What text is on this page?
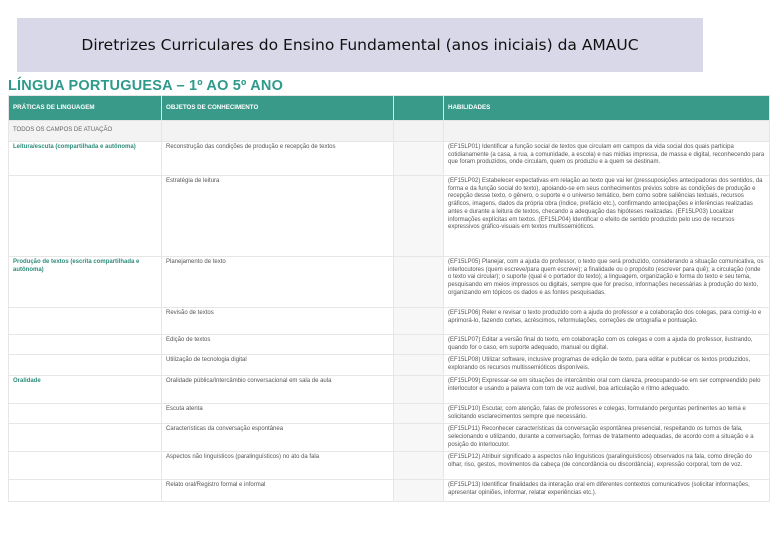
Diretrizes Curriculares do Ensino Fundamental (anos iniciais) da AMAUC
LÍNGUA PORTUGUESA – 1º AO 5º ANO
PRÁTICAS DE LINGUAGEM	OBJETOS DE CONHECIMENTO		HABILIDADES
TODOS OS CAMPOS DE ATUAÇÃO			
Leitura/escuta (compartilhada e autônoma)	Reconstrução das condições de produção e recepção de textos		(EF15LP01) Identificar a função social de textos que circulam em campos da vida social dos quais participa cotidianamente (a casa, a rua, a comunidade, a escola) e nas mídias impressa, de massa e digital, reconhecendo para que foram produzidos, onde circulam, quem os produziu e a quem se destinam.
	Estratégia de leitura		(EF15LP02) Estabelecer expectativas em relação ao texto que vai ler (pressuposições antecipadoras dos sentidos, da forma e da função social do texto), apoiando-se em seus conhecimentos prévios sobre as condições de produção e recepção desse texto, o gênero, o suporte e o universo temático, bem como sobre saliências textuais, recursos gráficos, imagens, dados da própria obra (índice, prefácio etc.), confirmando antecipações e inferências realizadas antes e durante a leitura de textos, checando a adequação das hipóteses realizadas. (EF15LP03) Localizar informações explícitas em textos. (EF15LP04) Identificar o efeito de sentido produzido pelo uso de recursos expressivos gráfico-visuais em textos multissemióticos.
Produção de textos (escrita compartilhada e autônoma)	Planejamento de texto		(EF15LP05) Planejar, com a ajuda do professor, o texto que será produzido, considerando a situação comunicativa, os interlocutores (quem escreve/para quem escreve); a finalidade ou o propósito (escrever para quê); a circulação (onde o texto vai circular); o suporte (qual é o portador do texto); a linguagem, organização e forma do texto e seu tema, pesquisando em meios impressos ou digitais, sempre que for preciso, informações necessárias à produção do texto, organizando em tópicos os dados e as fontes pesquisadas.
	Revisão de textos		(EF15LP06) Reler e revisar o texto produzido com a ajuda do professor e a colaboração dos colegas, para corrigi-lo e aprimorá-lo, fazendo cortes, acréscimos, reformulações, correções de ortografia e pontuação.
	Edição de textos		(EF15LP07) Editar a versão final do texto, em colaboração com os colegas e com a ajuda do professor, ilustrando, quando for o caso, em suporte adequado, manual ou digital.
	Utilização de tecnologia digital		(EF15LP08) Utilizar software, inclusive programas de edição de texto, para editar e publicar os textos produzidos, explorando os recursos multissemióticos disponíveis.
Oralidade	Oralidade pública/Intercâmbio conversacional em sala de aula		(EF15LP09) Expressar-se em situações de intercâmbio oral com clareza, preocupando-se em ser compreendido pelo interlocutor e usando a palavra com tom de voz audível, boa articulação e ritmo adequado.
	Escuta atenta		(EF15LP10) Escutar, com atenção, falas de professores e colegas, formulando perguntas pertinentes ao tema e solicitando esclarecimentos sempre que necessário.
	Características da conversação espontânea		(EF15LP11) Reconhecer características da conversação espontânea presencial, respeitando os turnos de fala, selecionando e utilizando, durante a conversação, formas de tratamento adequadas, de acordo com a situação e a posição do interlocutor.
	Aspectos não linguísticos (paralinguísticos) no ato da fala		(EF15LP12) Atribuir significado a aspectos não linguísticos (paralinguísticos) observados na fala, como direção do olhar, riso, gestos, movimentos da cabeça (de concordância ou discordância), expressão corporal, tom de voz.
	Relato oral/Registro formal e informal		(EF15LP13) Identificar finalidades da interação oral em diferentes contextos comunicativos (solicitar informações, apresentar opiniões, informar, relatar experiências etc.).
